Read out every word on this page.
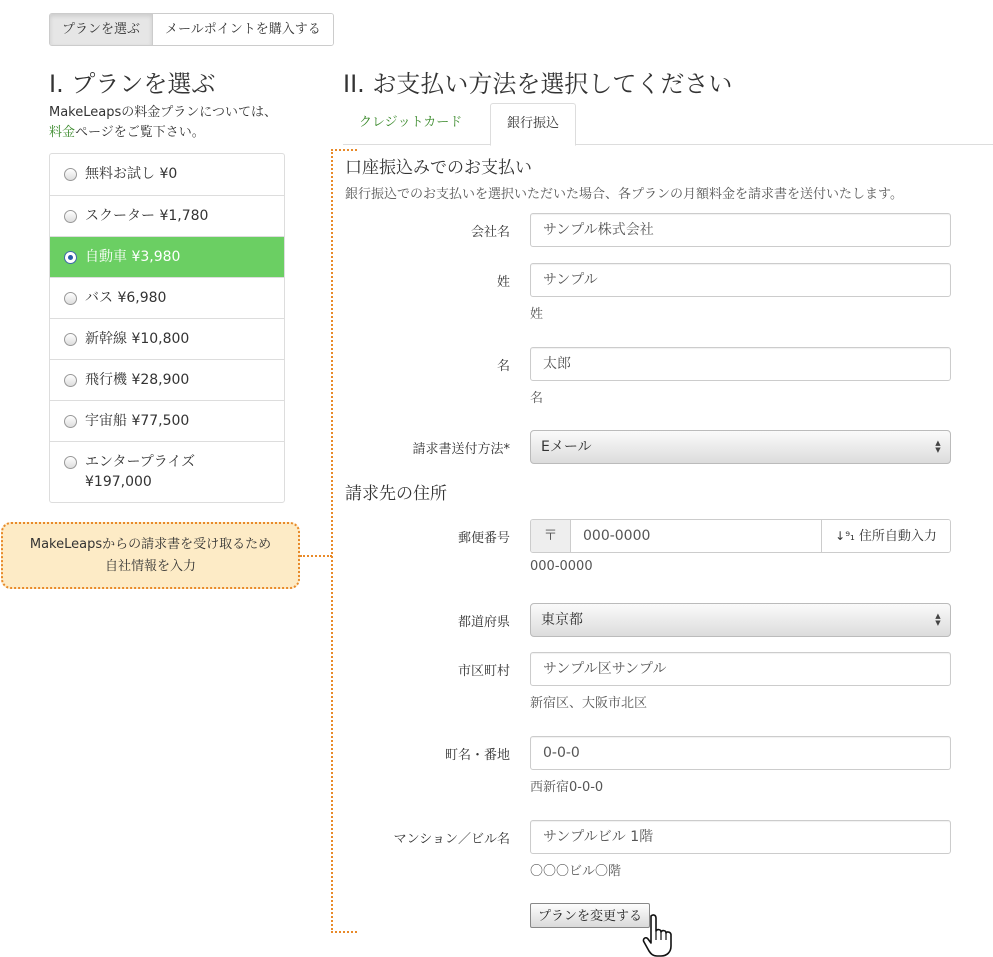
プランを選ぶ	メールポイントを購入する
I. プランを選ぶ

MakeLeapsの料金プランについては、料金ページをご覧下さい。

無料お試し ¥0
スクーター ¥1,780
自動車 ¥3,980
バス ¥6,980
新幹線 ¥10,800
飛行機 ¥28,900
宇宙船 ¥77,500
エンタープライズ ¥197,000
MakeLeapsからの請求書を受け取るため
自社情報を入力
II. お支払い方法を選択してください
クレジットカード	銀行振込
口座振込みでのお支払い
銀行振込でのお支払いを選択いただいた場合、各プランの月額料金を請求書を送付いたします。
会社名	サンプル株式会社
姓	サンプル
姓
名	太郎
名
請求書送付方法*	Eメール	▲
▼
請求先の住所
郵便番号	〒	000-0000	↓⁹₁ 住所自動入力
000-0000
都道府県	東京都	▲
▼
市区町村	サンプル区サンプル
新宿区、大阪市北区
町名・番地	0-0-0
西新宿0-0-0
マンション／ビル名	サンプルビル 1階
〇〇〇ビル〇階
プランを変更する
